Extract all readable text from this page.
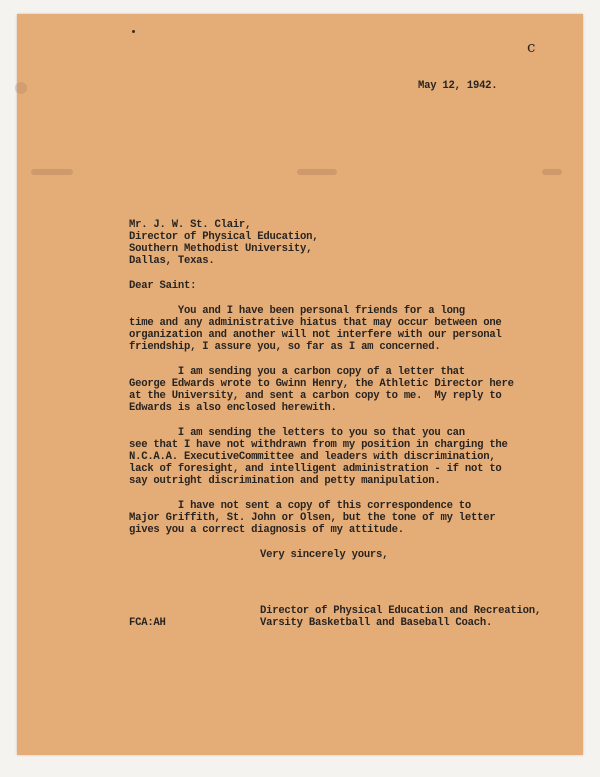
c

May 12, 1942.

Mr. J. W. St. Clair,

Director of Physical Education,

Southern Methodist University,

Dallas, Texas.

Dear Saint:

You and I have been personal friends for a long

time and any administrative hiatus that may occur between one

organization and another will not interfere with our personal

friendship, I assure you, so far as I am concerned.

I am sending you a carbon copy of a letter that

George Edwards wrote to Gwinn Henry, the Athletic Director here

at the University, and sent a carbon copy to me.  My reply to

Edwards is also enclosed herewith.

I am sending the letters to you so that you can

see that I have not withdrawn from my position in charging the

N.C.A.A. ExecutiveCommittee and leaders with discrimination,

lack of foresight, and intelligent administration - if not to

say outright discrimination and petty manipulation.

I have not sent a copy of this correspondence to

Major Griffith, St. John or Olsen, but the tone of my letter

gives you a correct diagnosis of my attitude.

Very sincerely yours,

Director of Physical Education and Recreation,

Varsity Basketball and Baseball Coach.

FCA:AH
